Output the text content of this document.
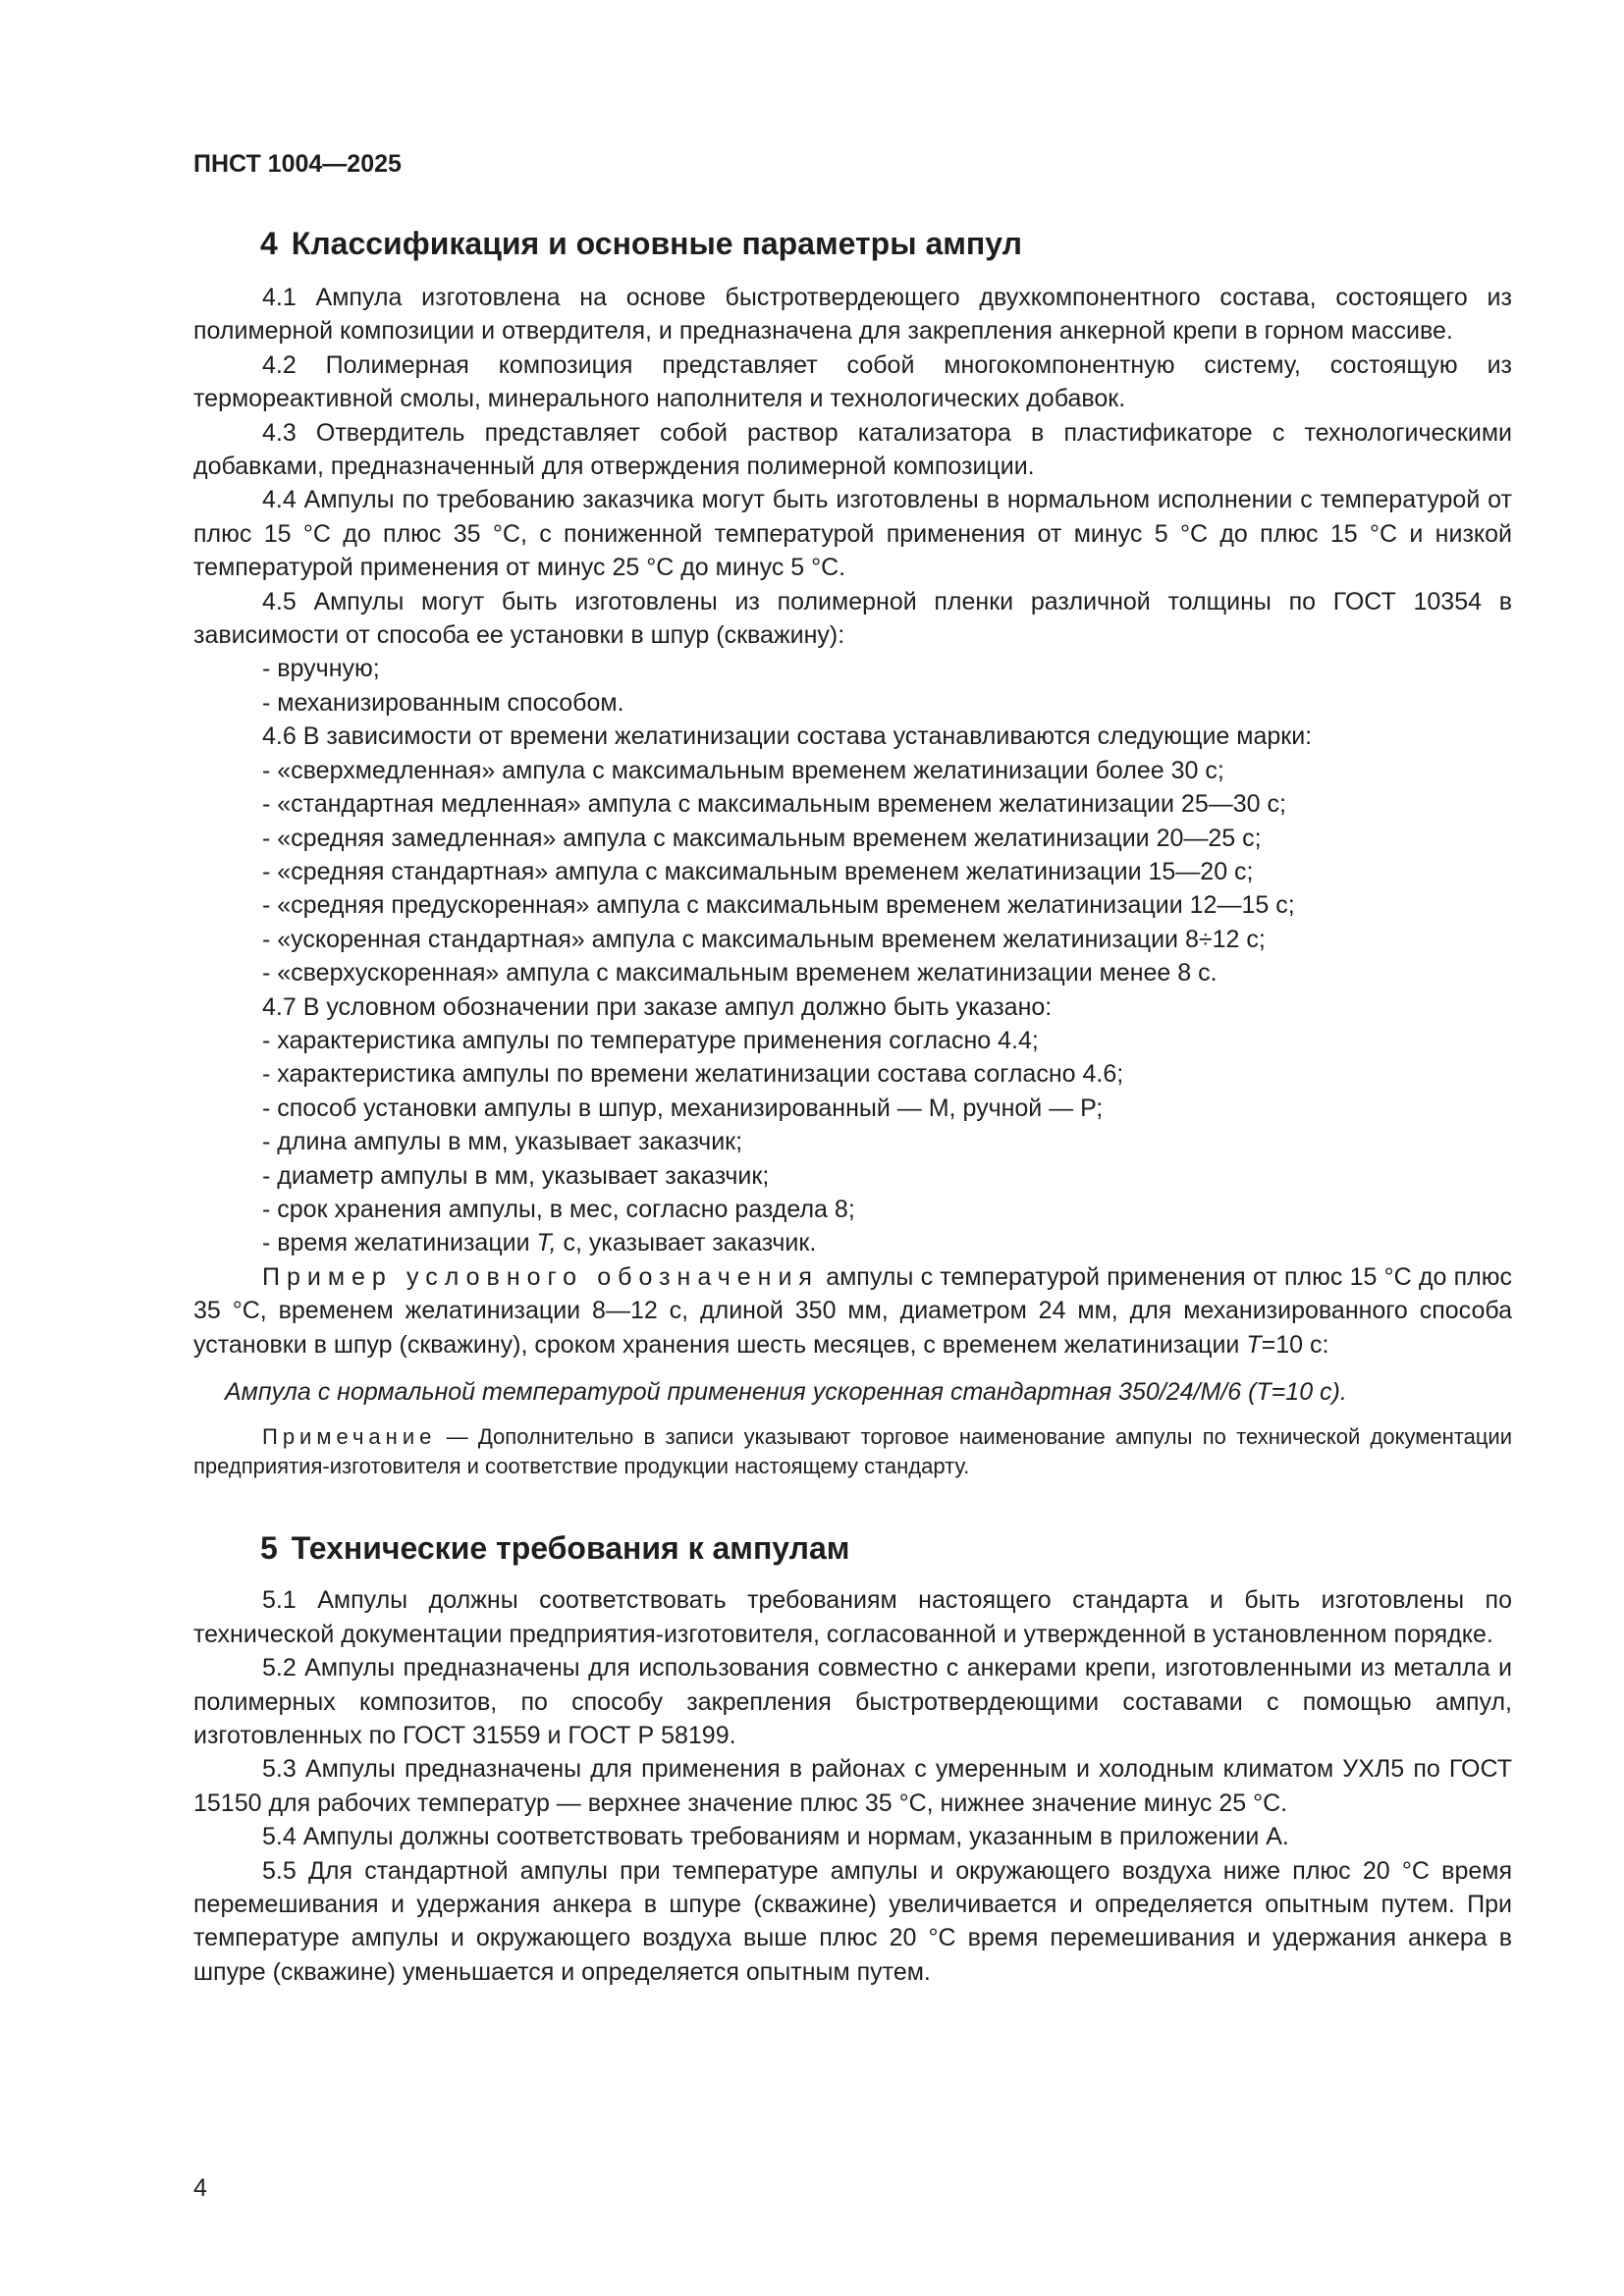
ПНСТ 1004—2025
4 Классификация и основные параметры ампул

4.1 Ампула изготовлена на основе быстротвердеющего двухкомпонентного состава, состоящего из полимерной композиции и отвердителя, и предназначена для закрепления анкерной крепи в горном массиве.

4.2 Полимерная композиция представляет собой многокомпонентную систему, состоящую из термореактивной смолы, минерального наполнителя и технологических добавок.

4.3 Отвердитель представляет собой раствор катализатора в пластификаторе с технологическими добавками, предназначенный для отверждения полимерной композиции.

4.4 Ампулы по требованию заказчика могут быть изготовлены в нормальном исполнении с температурой от плюс 15 °С до плюс 35 °С, с пониженной температурой применения от минус 5 °С до плюс 15 °С и низкой температурой применения от минус 25 °С до минус 5 °С.

4.5 Ампулы могут быть изготовлены из полимерной пленки различной толщины по ГОСТ 10354 в зависимости от способа ее установки в шпур (скважину):

- вручную;
- механизированным способом.

4.6 В зависимости от времени желатинизации состава устанавливаются следующие марки:

- «сверхмедленная» ампула с максимальным временем желатинизации более 30 с;
- «стандартная медленная» ампула с максимальным временем желатинизации 25—30 с;
- «средняя замедленная» ампула с максимальным временем желатинизации 20—25 с;
- «средняя стандартная» ампула с максимальным временем желатинизации 15—20 с;
- «средняя предускоренная» ампула с максимальным временем желатинизации 12—15 с;
- «ускоренная стандартная» ампула с максимальным временем желатинизации 8÷12 с;
- «сверхускоренная» ампула с максимальным временем желатинизации менее 8 с.

4.7 В условном обозначении при заказе ампул должно быть указано:

- характеристика ампулы по температуре применения согласно 4.4;
- характеристика ампулы по времени желатинизации состава согласно 4.6;
- способ установки ампулы в шпур, механизированный — М, ручной — Р;
- длина ампулы в мм, указывает заказчик;
- диаметр ампулы в мм, указывает заказчик;
- срок хранения ампулы, в мес, согласно раздела 8;
- время желатинизации Т, с, указывает заказчик.

Пример условного обозначения ампулы с температурой применения от плюс 15 °С до плюс 35 °С, временем желатинизации 8—12 с, длиной 350 мм, диаметром 24 мм, для механизированного способа установки в шпур (скважину), сроком хранения шесть месяцев, с временем желатинизации Т=10 с:

Ампула с нормальной температурой применения ускоренная стандартная 350/24/М/6 (Т=10 с).

Примечание — Дополнительно в записи указывают торговое наименование ампулы по технической документации предприятия-изготовителя и соответствие продукции настоящему стандарту.

5 Технические требования к ампулам

5.1 Ампулы должны соответствовать требованиям настоящего стандарта и быть изготовлены по технической документации предприятия-изготовителя, согласованной и утвержденной в установленном порядке.

5.2 Ампулы предназначены для использования совместно с анкерами крепи, изготовленными из металла и полимерных композитов, по способу закрепления быстротвердеющими составами с помощью ампул, изготовленных по ГОСТ 31559 и ГОСТ Р 58199.

5.3 Ампулы предназначены для применения в районах с умеренным и холодным климатом УХЛ5 по ГОСТ 15150 для рабочих температур — верхнее значение плюс 35 °С, нижнее значение минус 25 °С.

5.4 Ампулы должны соответствовать требованиям и нормам, указанным в приложении А.

5.5 Для стандартной ампулы при температуре ампулы и окружающего воздуха ниже плюс 20 °С время перемешивания и удержания анкера в шпуре (скважине) увеличивается и определяется опытным путем. При температуре ампулы и окружающего воздуха выше плюс 20 °С время перемешивания и удержания анкера в шпуре (скважине) уменьшается и определяется опытным путем.

4
